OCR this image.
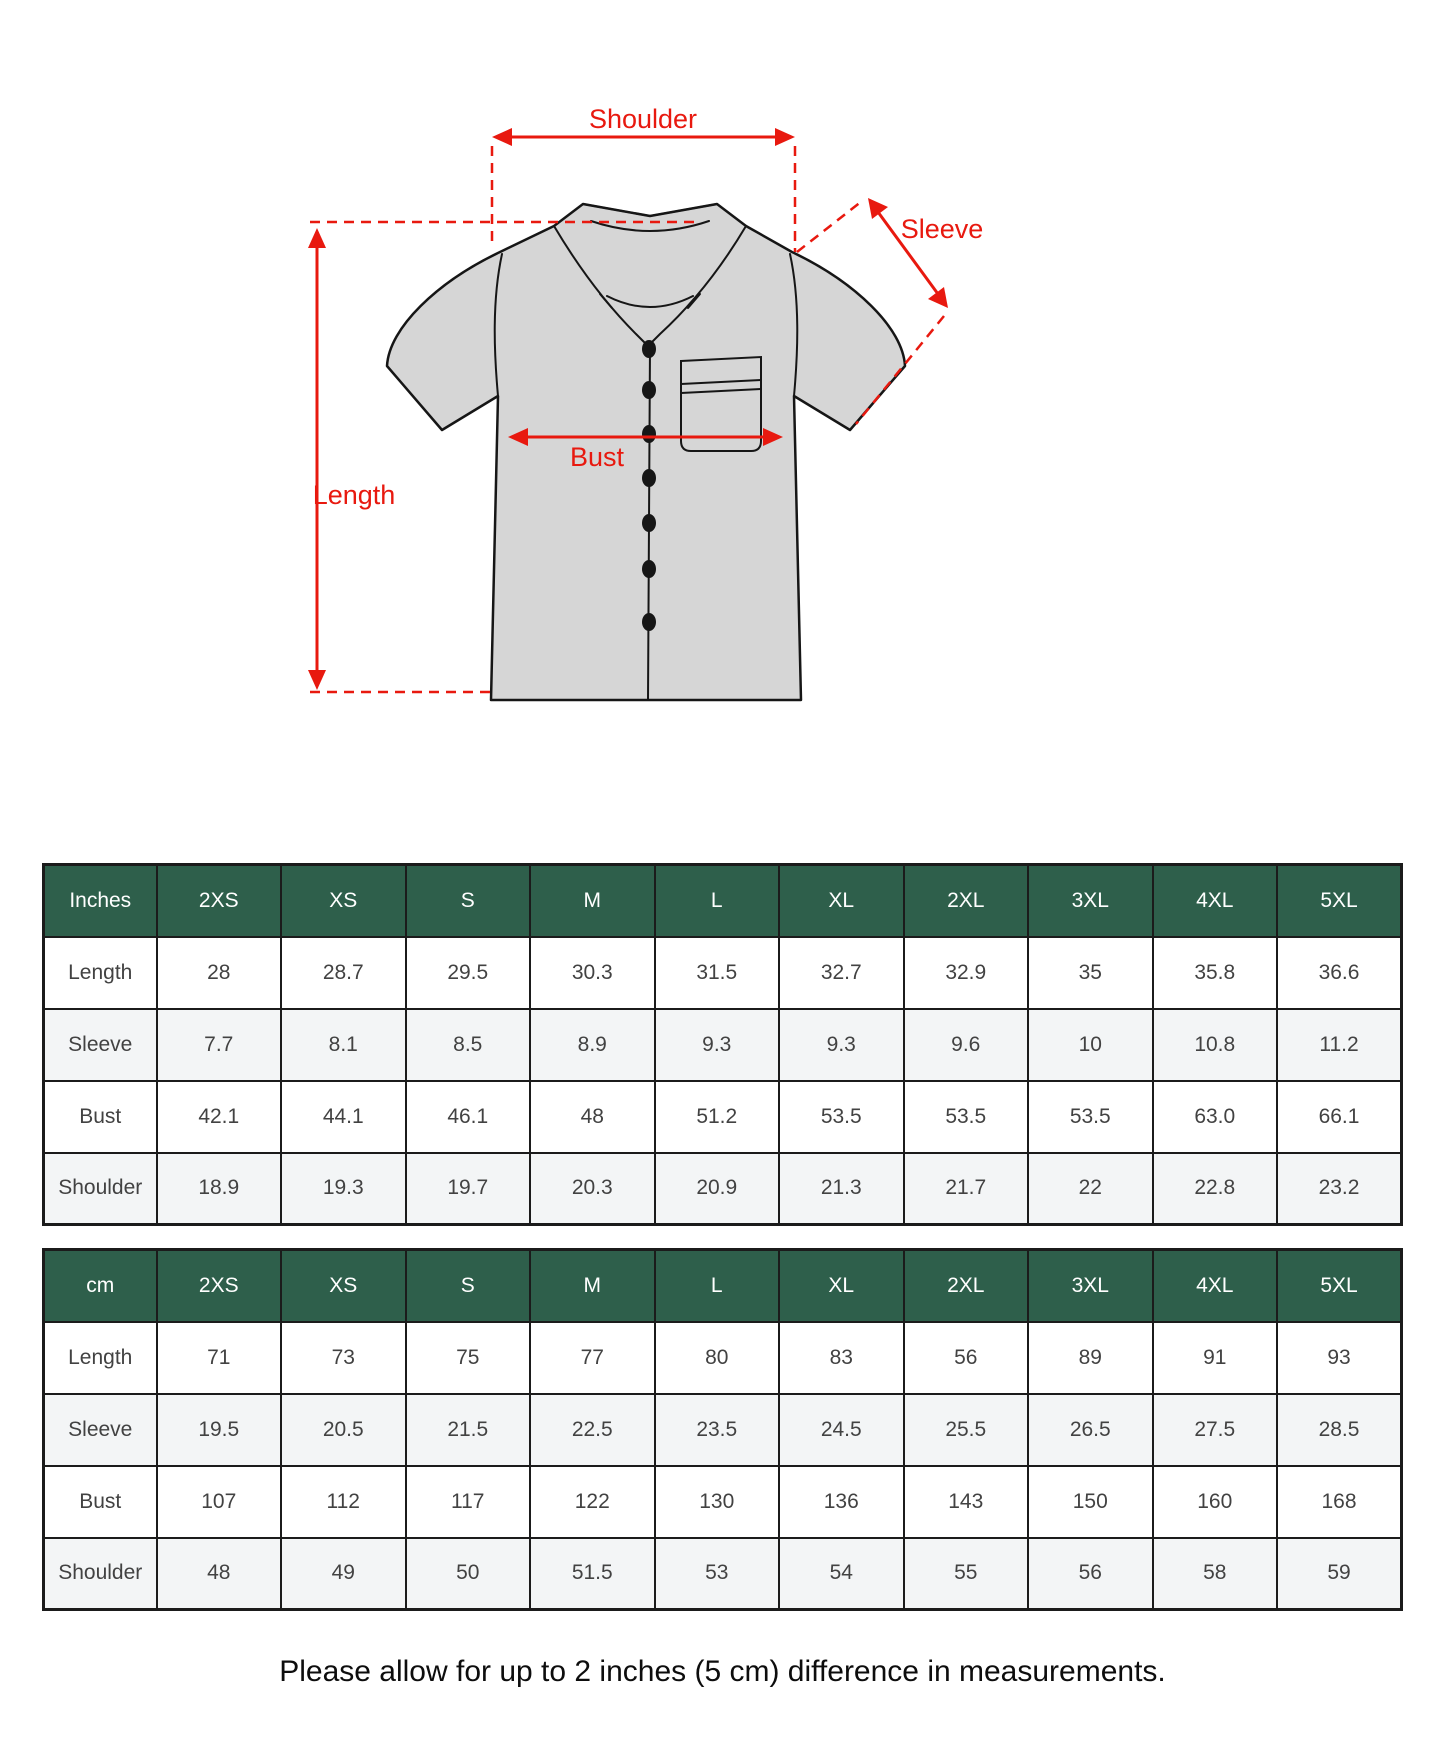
Shoulder
Sleeve
Length
Bust
Inches	2XS	XS	S	M	L	XL	2XL	3XL	4XL	5XL
Length	28	28.7	29.5	30.3	31.5	32.7	32.9	35	35.8	36.6
Sleeve	7.7	8.1	8.5	8.9	9.3	9.3	9.6	10	10.8	11.2
Bust	42.1	44.1	46.1	48	51.2	53.5	53.5	53.5	63.0	66.1
Shoulder	18.9	19.3	19.7	20.3	20.9	21.3	21.7	22	22.8	23.2
cm	2XS	XS	S	M	L	XL	2XL	3XL	4XL	5XL
Length	71	73	75	77	80	83	56	89	91	93
Sleeve	19.5	20.5	21.5	22.5	23.5	24.5	25.5	26.5	27.5	28.5
Bust	107	112	117	122	130	136	143	150	160	168
Shoulder	48	49	50	51.5	53	54	55	56	58	59

Please allow for up to 2 inches (5 cm) difference in measurements.
